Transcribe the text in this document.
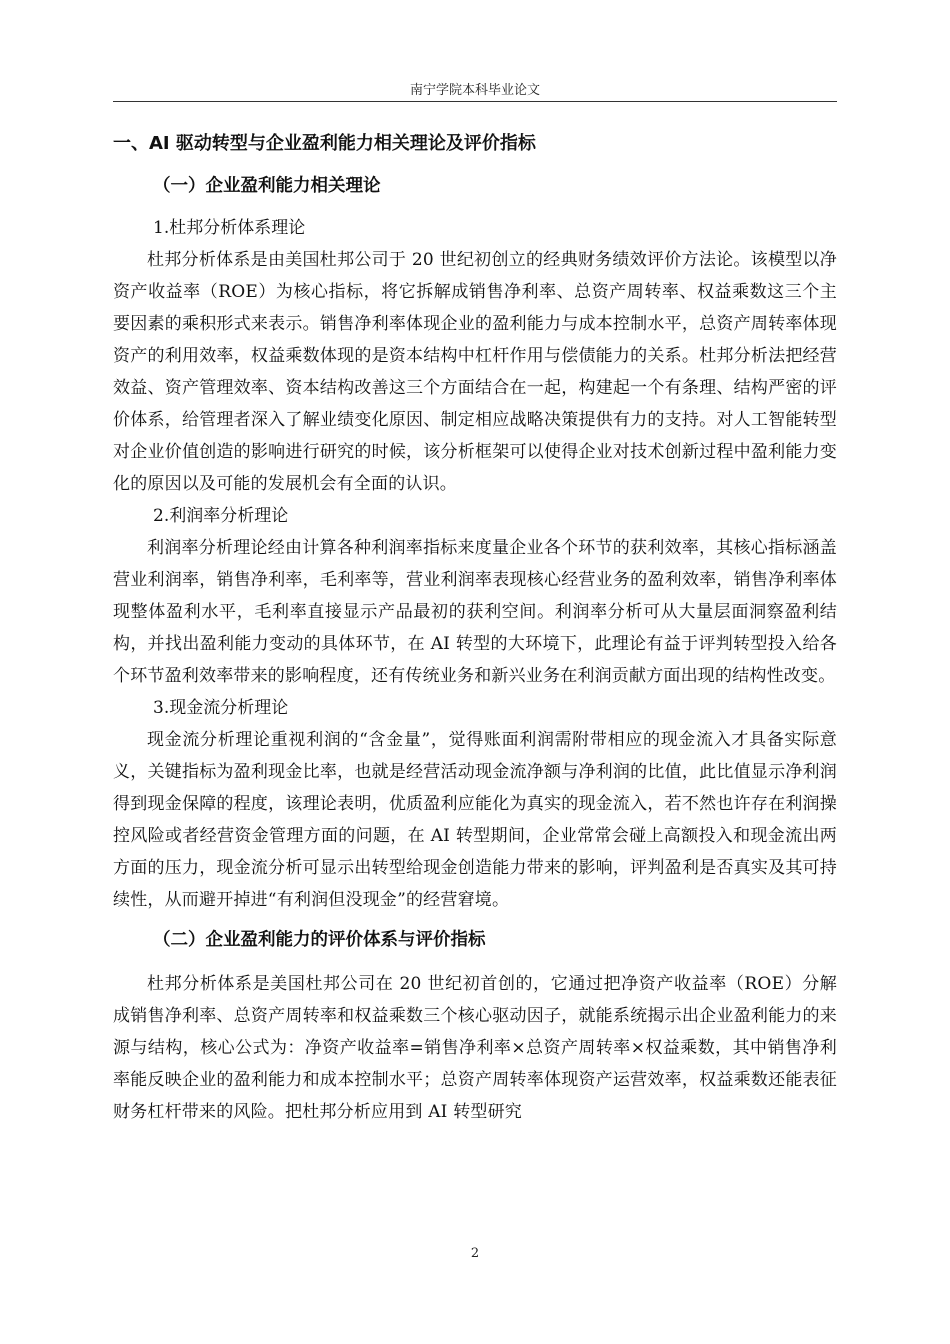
南宁学院本科毕业论文
一、AI 驱动转型与企业盈利能力相关理论及评价指标
（一）企业盈利能力相关理论
1.杜邦分析体系理论

杜邦分析体系是由美国杜邦公司于 20 世纪初创立的经典财务绩效评价方法论。该模型以净资产收益率（ROE）为核心指标，将它拆解成销售净利率、总资产周转率、权益乘数这三个主要因素的乘积形式来表示。销售净利率体现企业的盈利能力与成本控制水平，总资产周转率体现资产的利用效率，权益乘数体现的是资本结构中杠杆作用与偿债能力的关系。杜邦分析法把经营效益、资产管理效率、资本结构改善这三个方面结合在一起，构建起一个有条理、结构严密的评价体系，给管理者深入了解业绩变化原因、制定相应战略决策提供有力的支持。对人工智能转型对企业价值创造的影响进行研究的时候，该分析框架可以使得企业对技术创新过程中盈利能力变化的原因以及可能的发展机会有全面的认识。

2.利润率分析理论

利润率分析理论经由计算各种利润率指标来度量企业各个环节的获利效率，其核心指标涵盖营业利润率，销售净利率，毛利率等，营业利润率表现核心经营业务的盈利效率，销售净利率体现整体盈利水平，毛利率直接显示产品最初的获利空间。利润率分析可从大量层面洞察盈利结构，并找出盈利能力变动的具体环节，在 AI 转型的大环境下，此理论有益于评判转型投入给各个环节盈利效率带来的影响程度，还有传统业务和新兴业务在利润贡献方面出现的结构性改变。

3.现金流分析理论

现金流分析理论重视利润的“含金量”，觉得账面利润需附带相应的现金流入才具备实际意义，关键指标为盈利现金比率，也就是经营活动现金流净额与净利润的比值，此比值显示净利润得到现金保障的程度，该理论表明，优质盈利应能化为真实的现金流入，若不然也许存在利润操控风险或者经营资金管理方面的问题，在 AI 转型期间，企业常常会碰上高额投入和现金流出两方面的压力，现金流分析可显示出转型给现金创造能力带来的影响，评判盈利是否真实及其可持续性，从而避开掉进“有利润但没现金”的经营窘境。

（二）企业盈利能力的评价体系与评价指标

杜邦分析体系是美国杜邦公司在 20 世纪初首创的，它通过把净资产收益率（ROE）分解成销售净利率、总资产周转率和权益乘数三个核心驱动因子，就能系统揭示出企业盈利能力的来源与结构，核心公式为：净资产收益率=销售净利率×总资产周转率×权益乘数，其中销售净利率能反映企业的盈利能力和成本控制水平；总资产周转率体现资产运营效率，权益乘数还能表征财务杠杆带来的风险。把杜邦分析应用到 AI 转型研究

2
